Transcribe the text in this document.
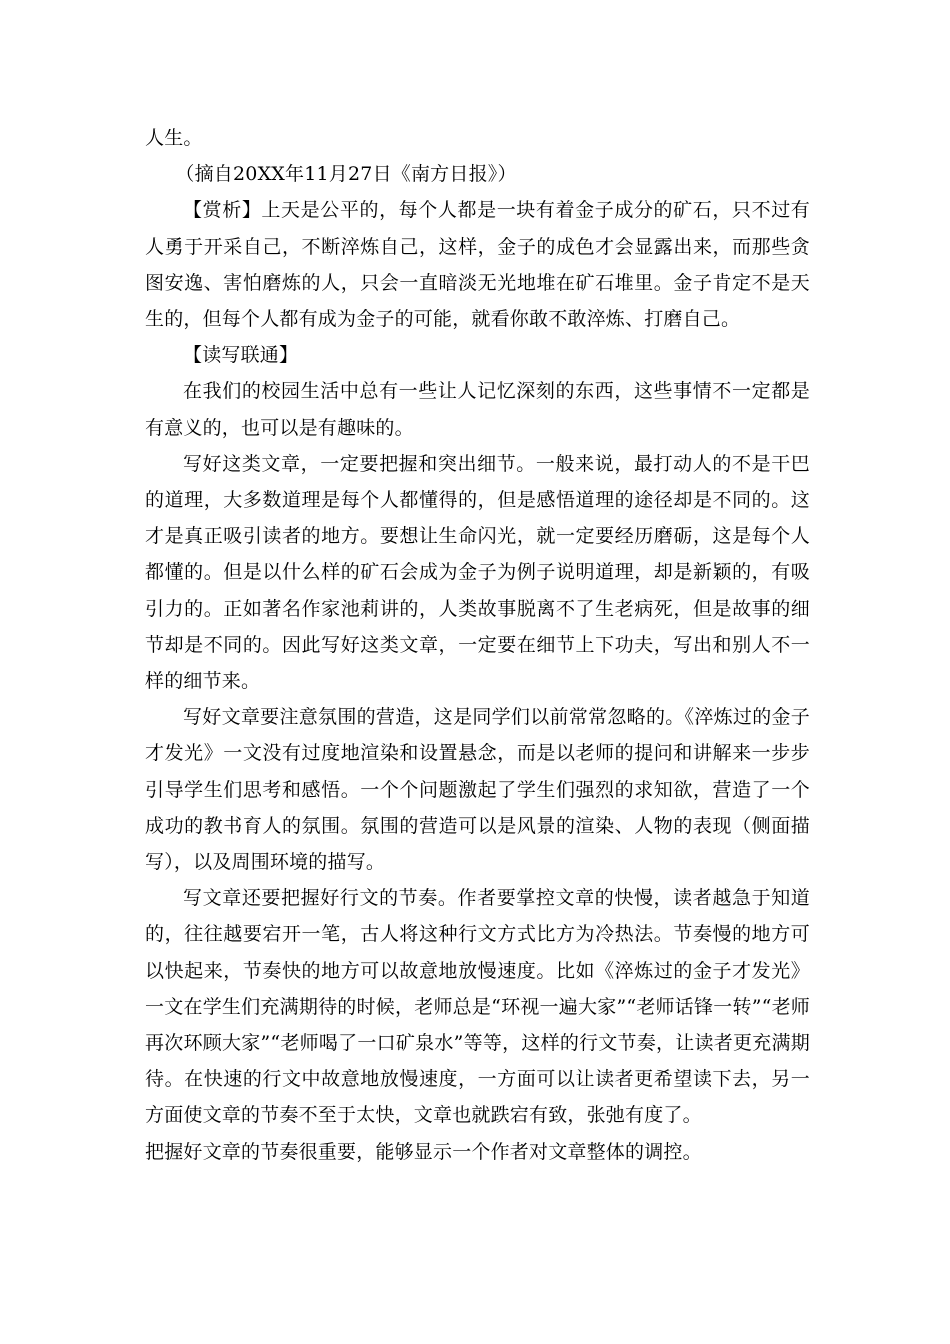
人生。

（摘自20XX年11月27日《南方日报》）

【赏析】上天是公平的，每个人都是一块有着金子成分的矿石，只不过有人勇于开采自己，不断淬炼自己，这样，金子的成色才会显露出来，而那些贪图安逸、害怕磨炼的人，只会一直暗淡无光地堆在矿石堆里。金子肯定不是天生的，但每个人都有成为金子的可能，就看你敢不敢淬炼、打磨自己。

【读写联通】

在我们的校园生活中总有一些让人记忆深刻的东西，这些事情不一定都是有意义的，也可以是有趣味的。

写好这类文章，一定要把握和突出细节。一般来说，最打动人的不是干巴的道理，大多数道理是每个人都懂得的，但是感悟道理的途径却是不同的。这才是真正吸引读者的地方。要想让生命闪光，就一定要经历磨砺，这是每个人都懂的。但是以什么样的矿石会成为金子为例子说明道理，却是新颖的，有吸引力的。正如著名作家池莉讲的，人类故事脱离不了生老病死，但是故事的细节却是不同的。因此写好这类文章，一定要在细节上下功夫，写出和别人不一样的细节来。

写好文章要注意氛围的营造，这是同学们以前常常忽略的。《淬炼过的金子才发光》一文没有过度地渲染和设置悬念，而是以老师的提问和讲解来一步步引导学生们思考和感悟。一个个问题激起了学生们强烈的求知欲，营造了一个成功的教书育人的氛围。氛围的营造可以是风景的渲染、人物的表现（侧面描写），以及周围环境的描写。

写文章还要把握好行文的节奏。作者要掌控文章的快慢，读者越急于知道的，往往越要宕开一笔，古人将这种行文方式比方为冷热法。节奏慢的地方可以快起来，节奏快的地方可以故意地放慢速度。比如《淬炼过的金子才发光》一文在学生们充满期待的时候，老师总是“环视一遍大家”“老师话锋一转”“老师再次环顾大家”“老师喝了一口矿泉水”等等，这样的行文节奏，让读者更充满期待。在快速的行文中故意地放慢速度，一方面可以让读者更希望读下去，另一方面使文章的节奏不至于太快，文章也就跌宕有致，张弛有度了。

把握好文章的节奏很重要，能够显示一个作者对文章整体的调控。
